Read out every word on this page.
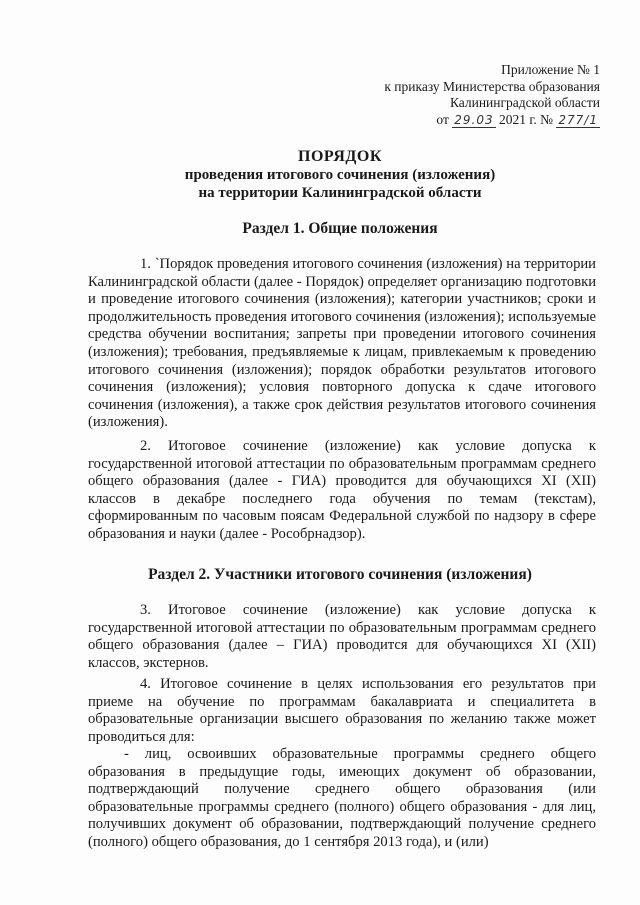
Приложение № 1
к приказу Министерства образования
Калининградской области
от 29.03 2021 г. № 277/1
ПОРЯДОК
проведения итогового сочинения (изложения)
на территории Калининградской области
Раздел 1. Общие положения
1. `Порядок проведения итогового сочинения (изложения) на территории Калининградской области (далее - Порядок) определяет организацию подготовки и проведение итогового сочинения (изложения); категории участников; сроки и продолжительность проведения итогового сочинения (изложения); используемые средства обучении воспитания; запреты при проведении итогового сочинения (изложения); требования, предъявляемые к лицам, привлекаемым к проведению итогового сочинения (изложения); порядок обработки результатов итогового сочинения (изложения); условия повторного допуска к сдаче итогового сочинения (изложения), а также срок действия результатов итогового сочинения (изложения).
2. Итоговое сочинение (изложение) как условие допуска к государственной итоговой аттестации по образовательным программам среднего общего образования (далее - ГИА) проводится для обучающихся XI (XII) классов в декабре последнего года обучения по темам (текстам), сформированным по часовым поясам Федеральной службой по надзору в сфере образования и науки (далее - Рособрнадзор).
Раздел 2. Участники итогового сочинения (изложения)
3. Итоговое сочинение (изложение) как условие допуска к государственной итоговой аттестации по образовательным программам среднего общего образования (далее – ГИА) проводится для обучающихся XI (XII) классов, экстернов.
4. Итоговое сочинение в целях использования его результатов при приеме на обучение по программам бакалавриата и специалитета в образовательные организации высшего образования по желанию также может проводиться для:
- лиц, освоивших образовательные программы среднего общего образования в предыдущие годы, имеющих документ об образовании, подтверждающий получение среднего общего образования (или образовательные программы среднего (полного) общего образования - для лиц, получивших документ об образовании, подтверждающий получение среднего (полного) общего образования, до 1 сентября 2013 года), и (или)
